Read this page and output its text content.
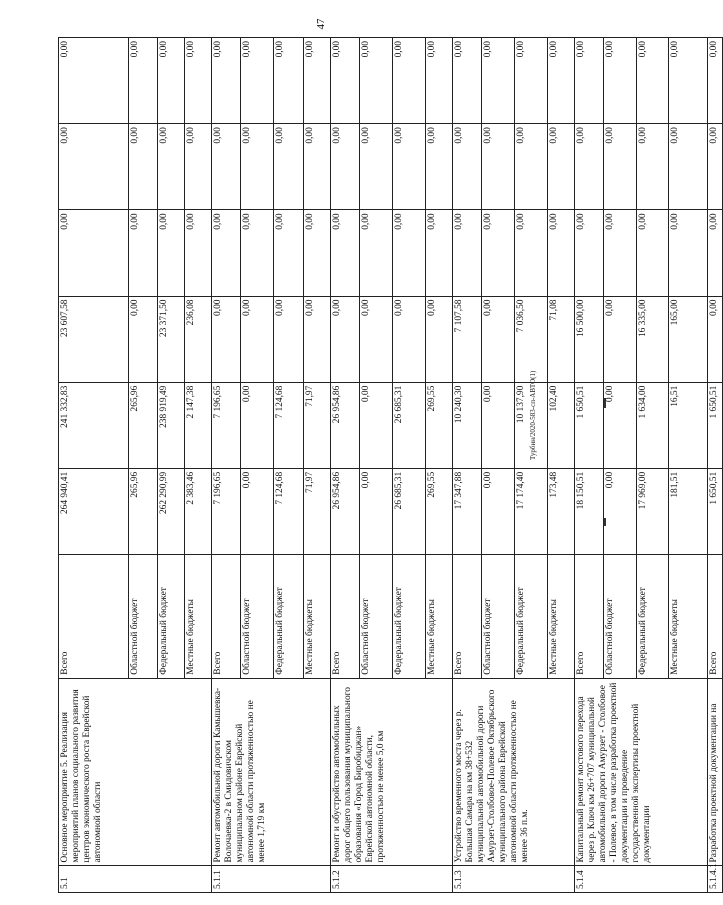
47
Турбин/2020-583-сп-АВТО(1)
5.1	Основное мероприятие 5. Реализация мероприятий планов социального развития центров экономического роста Еврейской автономной области	Всего	264 940,41	241 332,83	23 607,58	0,00	0,00	0,00
		Областной бюджет	265,96	265,96	0,00	0,00	0,00	0,00
		Федеральный бюджет	262 290,99	238 919,49	23 371,50	0,00	0,00	0,00
		Местные бюджеты	2 383,46	2 147,38	236,08	0,00	0,00	0,00
5.1.1	Ремонт автомобильной дороги Камышевка-Волочаевка-2 в Смидовичском муниципальном районе Еврейской автономной области протяженностью не менее 1,719 км	Всего	7 196,65	7 196,65	0,00	0,00	0,00	0,00
		Областной бюджет	0,00	0,00	0,00	0,00	0,00	0,00
		Федеральный бюджет	7 124,68	7 124,68	0,00	0,00	0,00	0,00
		Местные бюджеты	71,97	71,97	0,00	0,00	0,00	0,00
5.1.2	Ремонт и обустройство автомобильных дорог общего пользования муниципального образования «Город Биробиджан» Еврейской автономной области, протяженностью не менее 5,0 км	Всего	26 954,86	26 954,86	0,00	0,00	0,00	0,00
		Областной бюджет	0,00	0,00	0,00	0,00	0,00	0,00
		Федеральный бюджет	26 685,31	26 685,31	0,00	0,00	0,00	0,00
		Местные бюджеты	269,55	269,55	0,00	0,00	0,00	0,00
5.1.3	Устройство временного моста через р. Большая Самара на км 38+532 муниципальной автомобильной дороги Амурзет-Столбовое-Полевое Октябрьского муниципального района Еврейской автономной области протяженностью не менее 36 п.м.	Всего	17 347,88	10 240,30	7 107,58	0,00	0,00	0,00
		Областной бюджет	0,00	0,00	0,00	0,00	0,00	0,00
		Федеральный бюджет	17 174,40	10 137,90	7 036,50	0,00	0,00	0,00
		Местные бюджеты	173,48	102,40	71,08	0,00	0,00	0,00
5.1.4	Капитальный ремонт мостового перехода через р. Ключ км 26+707 муниципальной автомобильной дороги Амурзет - Столбовое - Полевое, в том числе разработка проектной документации и проведение государственной экспертизы проектной документации	Всего	18 150,51	1 650,51	16 500,00	0,00	0,00	0,00
		Областной бюджет	0,00	0,00	0,00	0,00	0,00	0,00
		Федеральный бюджет	17 969,00	1 634,00	16 335,00	0,00	0,00	0,00
		Местные бюджеты	181,51	16,51	165,00	0,00	0,00	0,00
5.1.4.1	Разработка проектной документации на	Всего	1 650,51	1 650,51	0,00	0,00	0,00	0,00
